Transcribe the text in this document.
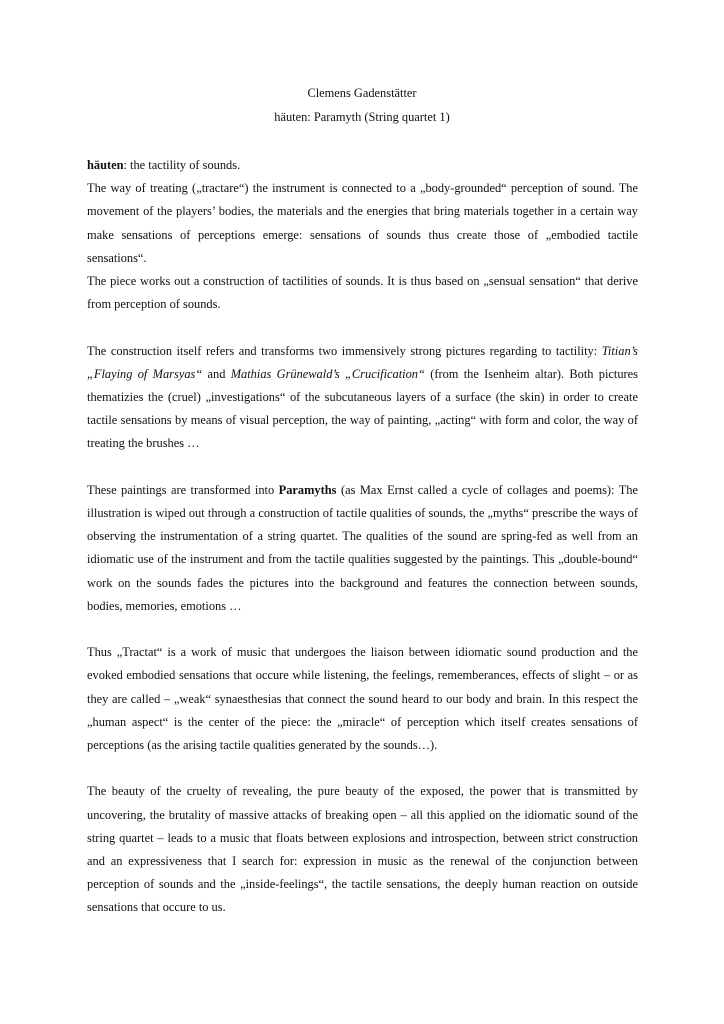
Clemens Gadenstätter
häuten: Paramyth (String quartet 1)

häuten: the tactility of sounds.

The way of treating („tractare“) the instrument is connected to a „body-grounded“ perception of sound. The movement of the players’ bodies, the materials and the energies that bring materials together in a certain way make sensations of perceptions emerge: sensations of sounds thus create those of „embodied tactile sensations“.

The piece works out a construction of tactilities of sounds. It is thus based on „sensual sensation“ that derive from perception of sounds.

The construction itself refers and transforms two immensively strong pictures regarding to tactility: Titian’s „Flaying of Marsyas“ and Mathias Grünewald’s „Crucification“ (from the Isenheim altar). Both pictures thematizies the (cruel) „investigations“ of the subcutaneous layers of a surface (the skin) in order to create tactile sensations by means of visual perception, the way of painting, „acting“ with form and color, the way of treating the brushes …

These paintings are transformed into Paramyths (as Max Ernst called a cycle of collages and poems): The illustration is wiped out through a construction of tactile qualities of sounds, the „myths“ prescribe the ways of observing the instrumentation of a string quartet. The qualities of the sound are spring-fed as well from an idiomatic use of the instrument and from the tactile qualities suggested by the paintings. This „double-bound“ work on the sounds fades the pictures into the background and features the connection between sounds, bodies, memories, emotions …

Thus „Tractat“ is a work of music that undergoes the liaison between idiomatic sound production and the evoked embodied sensations that occure while listening, the feelings, rememberances, effects of slight – or as they are called – „weak“ synaesthesias that connect the sound heard to our body and brain. In this respect the „human aspect“ is the center of the piece: the „miracle“ of perception which itself creates sensations of perceptions (as the arising tactile qualities generated by the sounds…).

The beauty of the cruelty of revealing, the pure beauty of the exposed, the power that is transmitted by uncovering, the brutality of massive attacks of breaking open – all this applied on the idiomatic sound of the string quartet – leads to a music that floats between explosions and introspection, between strict construction and an expressiveness that I search for: expression in music as the renewal of the conjunction between perception of sounds and the „inside-feelings“, the tactile sensations, the deeply human reaction on outside sensations that occure to us.
